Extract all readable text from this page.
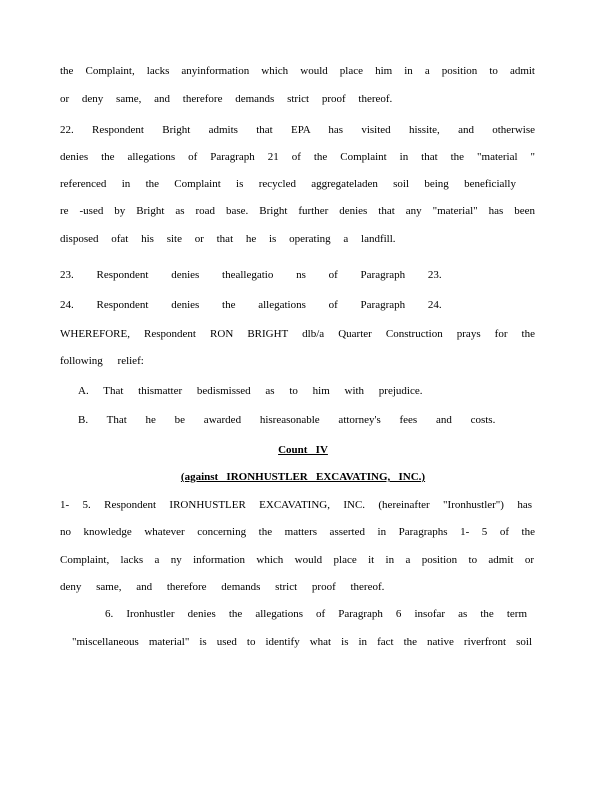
the Complaint, lacks anyinformation which would place him in a position to admit
or deny same, and therefore demands strict proof thereof.
22. Respondent Bright admits that EPA has visited hissite, and otherwise
denies the allegations of Paragraph 21 of the Complaint in that the "material "
referenced in the Complaint is recycled aggregateladen soil being beneficially
re -used by Bright as road base. Bright further denies that any "material" has been
disposed ofat his site or that he is operating a landfill.
23. Respondent denies theallegatio ns of Paragraph 23.
24. Respondent denies the allegations of Paragraph 24.
WHEREFORE, Respondent RON BRIGHT dlb/a Quarter Construction prays for the
following relief:
A. That thismatter bedismissed as to him with prejudice.
B. That he be awarded hisreasonable attorney's fees and costs.
Count   IV
(against   IRONHUSTLER   EXCAVATING,   INC.)
1- 5. Respondent IRONHUSTLER EXCAVATING, INC. (hereinafter "Ironhustler") has
no knowledge whatever concerning the matters asserted in Paragraphs 1- 5 of the
Complaint, lacks a ny information which would place it in a position to admit or
deny same, and therefore demands strict proof thereof.
6. Ironhustler denies the allegations of Paragraph 6 insofar as the term
"miscellaneous material" is used to identify what is in fact the native riverfront soil
